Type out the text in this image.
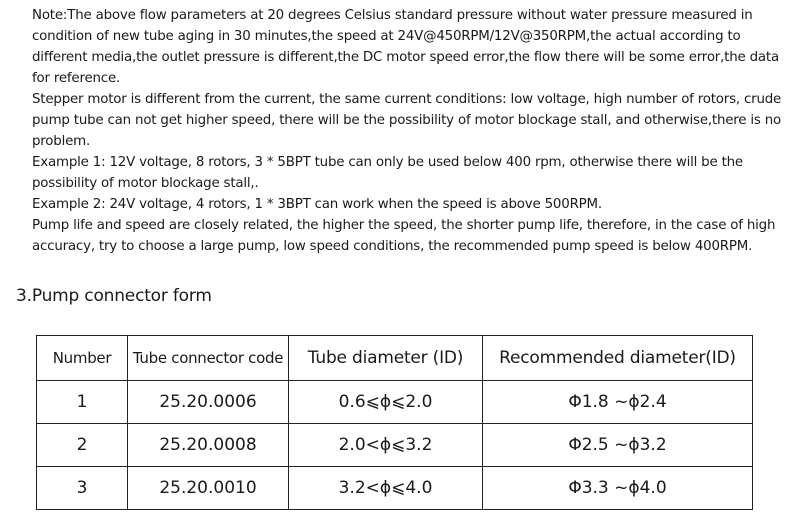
Note:The above flow parameters at 20 degrees Celsius standard pressure without water pressure measured in condition of new tube aging in 30 minutes,the speed at 24V@450RPM/12V@350RPM,the actual according to different media,the outlet pressure is different,the DC motor speed error,the flow there will be some error,the data for reference.

Stepper motor is different from the current, the same current conditions: low voltage, high number of rotors, crude pump tube can not get higher speed, there will be the possibility of motor blockage stall, and otherwise,there is no problem.

Example 1: 12V voltage, 8 rotors, 3 * 5BPT tube can only be used below 400 rpm, otherwise there will be the possibility of motor blockage stall,.

Example 2: 24V voltage, 4 rotors, 1 * 3BPT can work when the speed is above 500RPM.

Pump life and speed are closely related, the higher the speed, the shorter pump life, therefore, in the case of high accuracy, try to choose a large pump, low speed conditions, the recommended pump speed is below 400RPM.

3.Pump connector form
Number	Tube connector code	Tube diameter (ID)	Recommended diameter(ID)
1	25.20.0006	0.6⩽ϕ⩽2.0	Φ1.8 ~ϕ2.4
2	25.20.0008	2.0<ϕ⩽3.2	Φ2.5 ~ϕ3.2
3	25.20.0010	3.2<ϕ⩽4.0	Φ3.3 ~ϕ4.0
